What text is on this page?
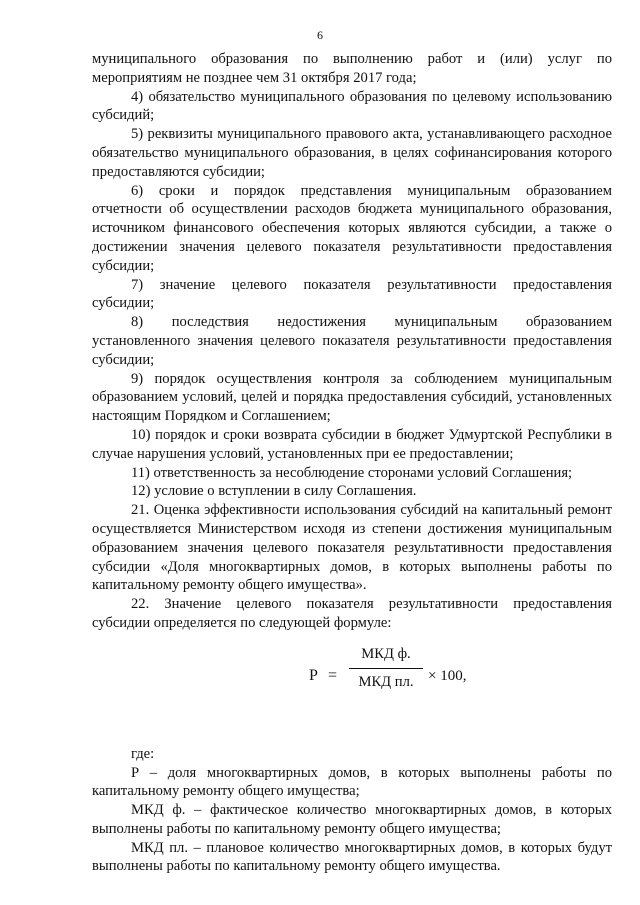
6

муниципального образования по выполнению работ и (или) услуг по мероприятиям не позднее чем 31 октября 2017 года;

4) обязательство муниципального образования по целевому использованию субсидий;

5) реквизиты муниципального правового акта, устанавливающего расходное обязательство муниципального образования, в целях софинансирования которого предоставляются субсидии;

6) сроки и порядок представления муниципальным образованием отчетности об осуществлении расходов бюджета муниципального образования, источником финансового обеспечения которых являются субсидии, а также о достижении значения целевого показателя результативности предоставления субсидии;

7) значение целевого показателя результативности предоставления субсидии;

8) последствия недостижения муниципальным образованием установленного значения целевого показателя результативности предоставления субсидии;

9) порядок осуществления контроля за соблюдением муниципальным образованием условий, целей и порядка предоставления субсидий, установленных настоящим Порядком и Соглашением;

10) порядок и сроки возврата субсидии в бюджет Удмуртской Республики в случае нарушения условий, установленных при ее предоставлении;

11) ответственность за несоблюдение сторонами условий Соглашения;

12) условие о вступлении в силу Соглашения.

21. Оценка эффективности использования субсидий на капитальный ремонт осуществляется Министерством исходя из степени достижения муниципальным образованием значения целевого показателя результативности предоставления субсидии «Доля многоквартирных домов, в которых выполнены работы по капитальному ремонту общего имущества».

22. Значение целевого показателя результативности предоставления субсидии определяется по следующей формуле:

Р =
МКД ф.
МКД пл. × 100,

где:

Р – доля многоквартирных домов, в которых выполнены работы по капитальному ремонту общего имущества;

МКД ф. – фактическое количество многоквартирных домов, в которых выполнены работы по капитальному ремонту общего имущества;

МКД пл. – плановое количество многоквартирных домов, в которых будут выполнены работы по капитальному ремонту общего имущества.
